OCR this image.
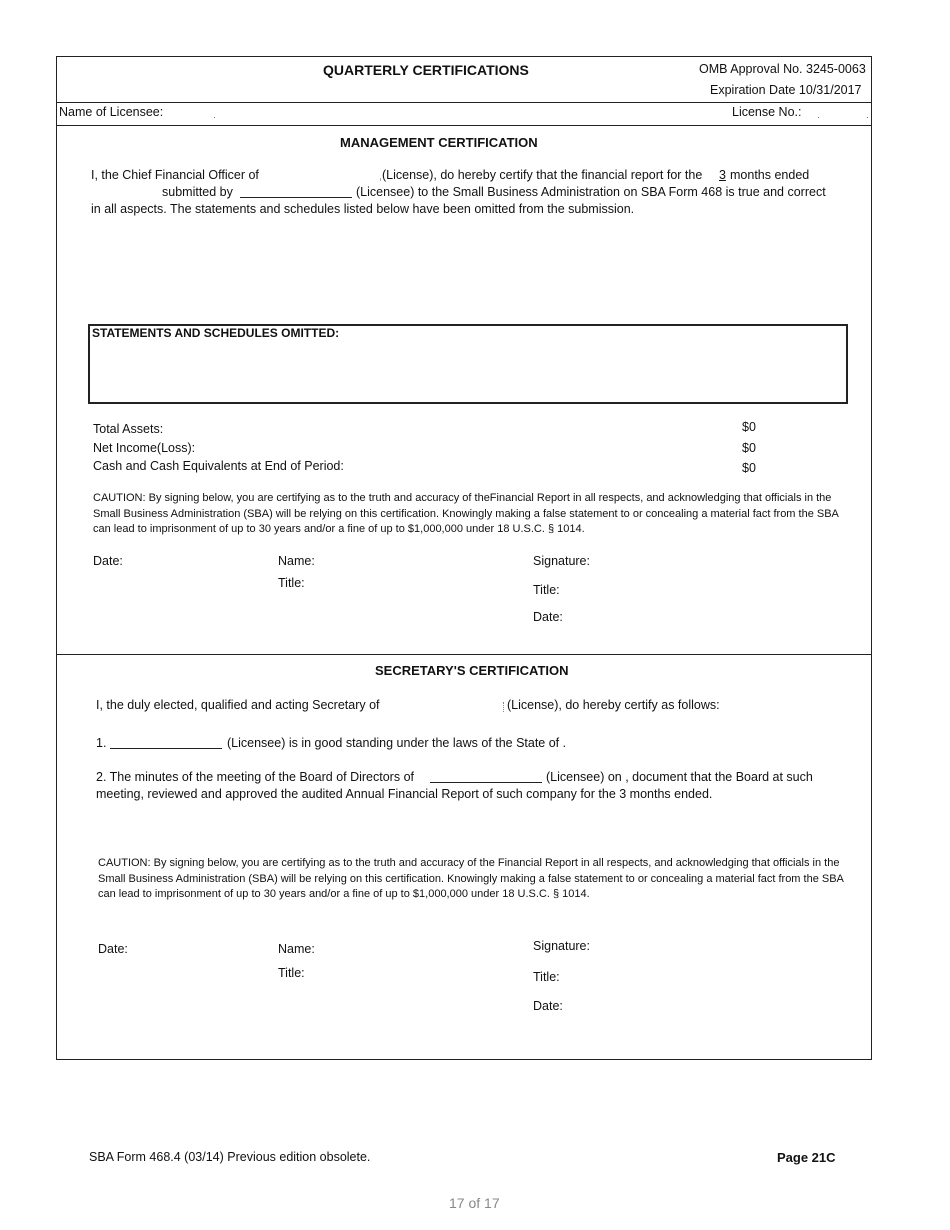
QUARTERLY CERTIFICATIONS	OMB Approval No. 3245-0063
Expiration Date 10/31/2017
Name of Licensee:	License No.:
MANAGEMENT CERTIFICATION
I, the Chief Financial Officer of	(License), do hereby certify that the financial report for the 3 months ended
submitted by	(Licensee) to the Small Business Administration on SBA Form 468 is true and correct
in all aspects. The statements and schedules listed below have been omitted from the submission.
STATEMENTS AND SCHEDULES OMITTED:
Total Assets:	$0
Net Income(Loss):	$0
Cash and Cash Equivalents at End of Period:	$0
CAUTION: By signing below, you are certifying as to the truth and accuracy of theFinancial Report in all respects, and acknowledging that officials in the Small Business Administration (SBA) will be relying on this certification. Knowingly making a false statement to or concealing a material fact from the SBA can lead to imprisonment of up to 30 years and/or a fine of up to $1,000,000 under 18 U.S.C. § 1014.
Date:	Name:
Title:
Signature:
Title:
Date:
SECRETARY'S CERTIFICATION
I, the duly elected, qualified and acting Secretary of	(License), do hereby certify as follows:
1.	(Licensee) is in good standing under the laws of the State of .
2. The minutes of the meeting of the Board of Directors of	(Licensee) on , document that the Board at such
meeting, reviewed and approved the audited Annual Financial Report of such company for the 3 months ended.
CAUTION: By signing below, you are certifying as to the truth and accuracy of the Financial Report in all respects, and acknowledging that officials in the Small Business Administration (SBA) will be relying on this certification. Knowingly making a false statement to or concealing a material fact from the SBA can lead to imprisonment of up to 30 years and/or a fine of up to $1,000,000 under 18 U.S.C. § 1014.
Date:	Name:
Title:
Signature:
Title:
Date:
SBA Form 468.4 (03/14) Previous edition obsolete.	Page 21C
17 of 17
